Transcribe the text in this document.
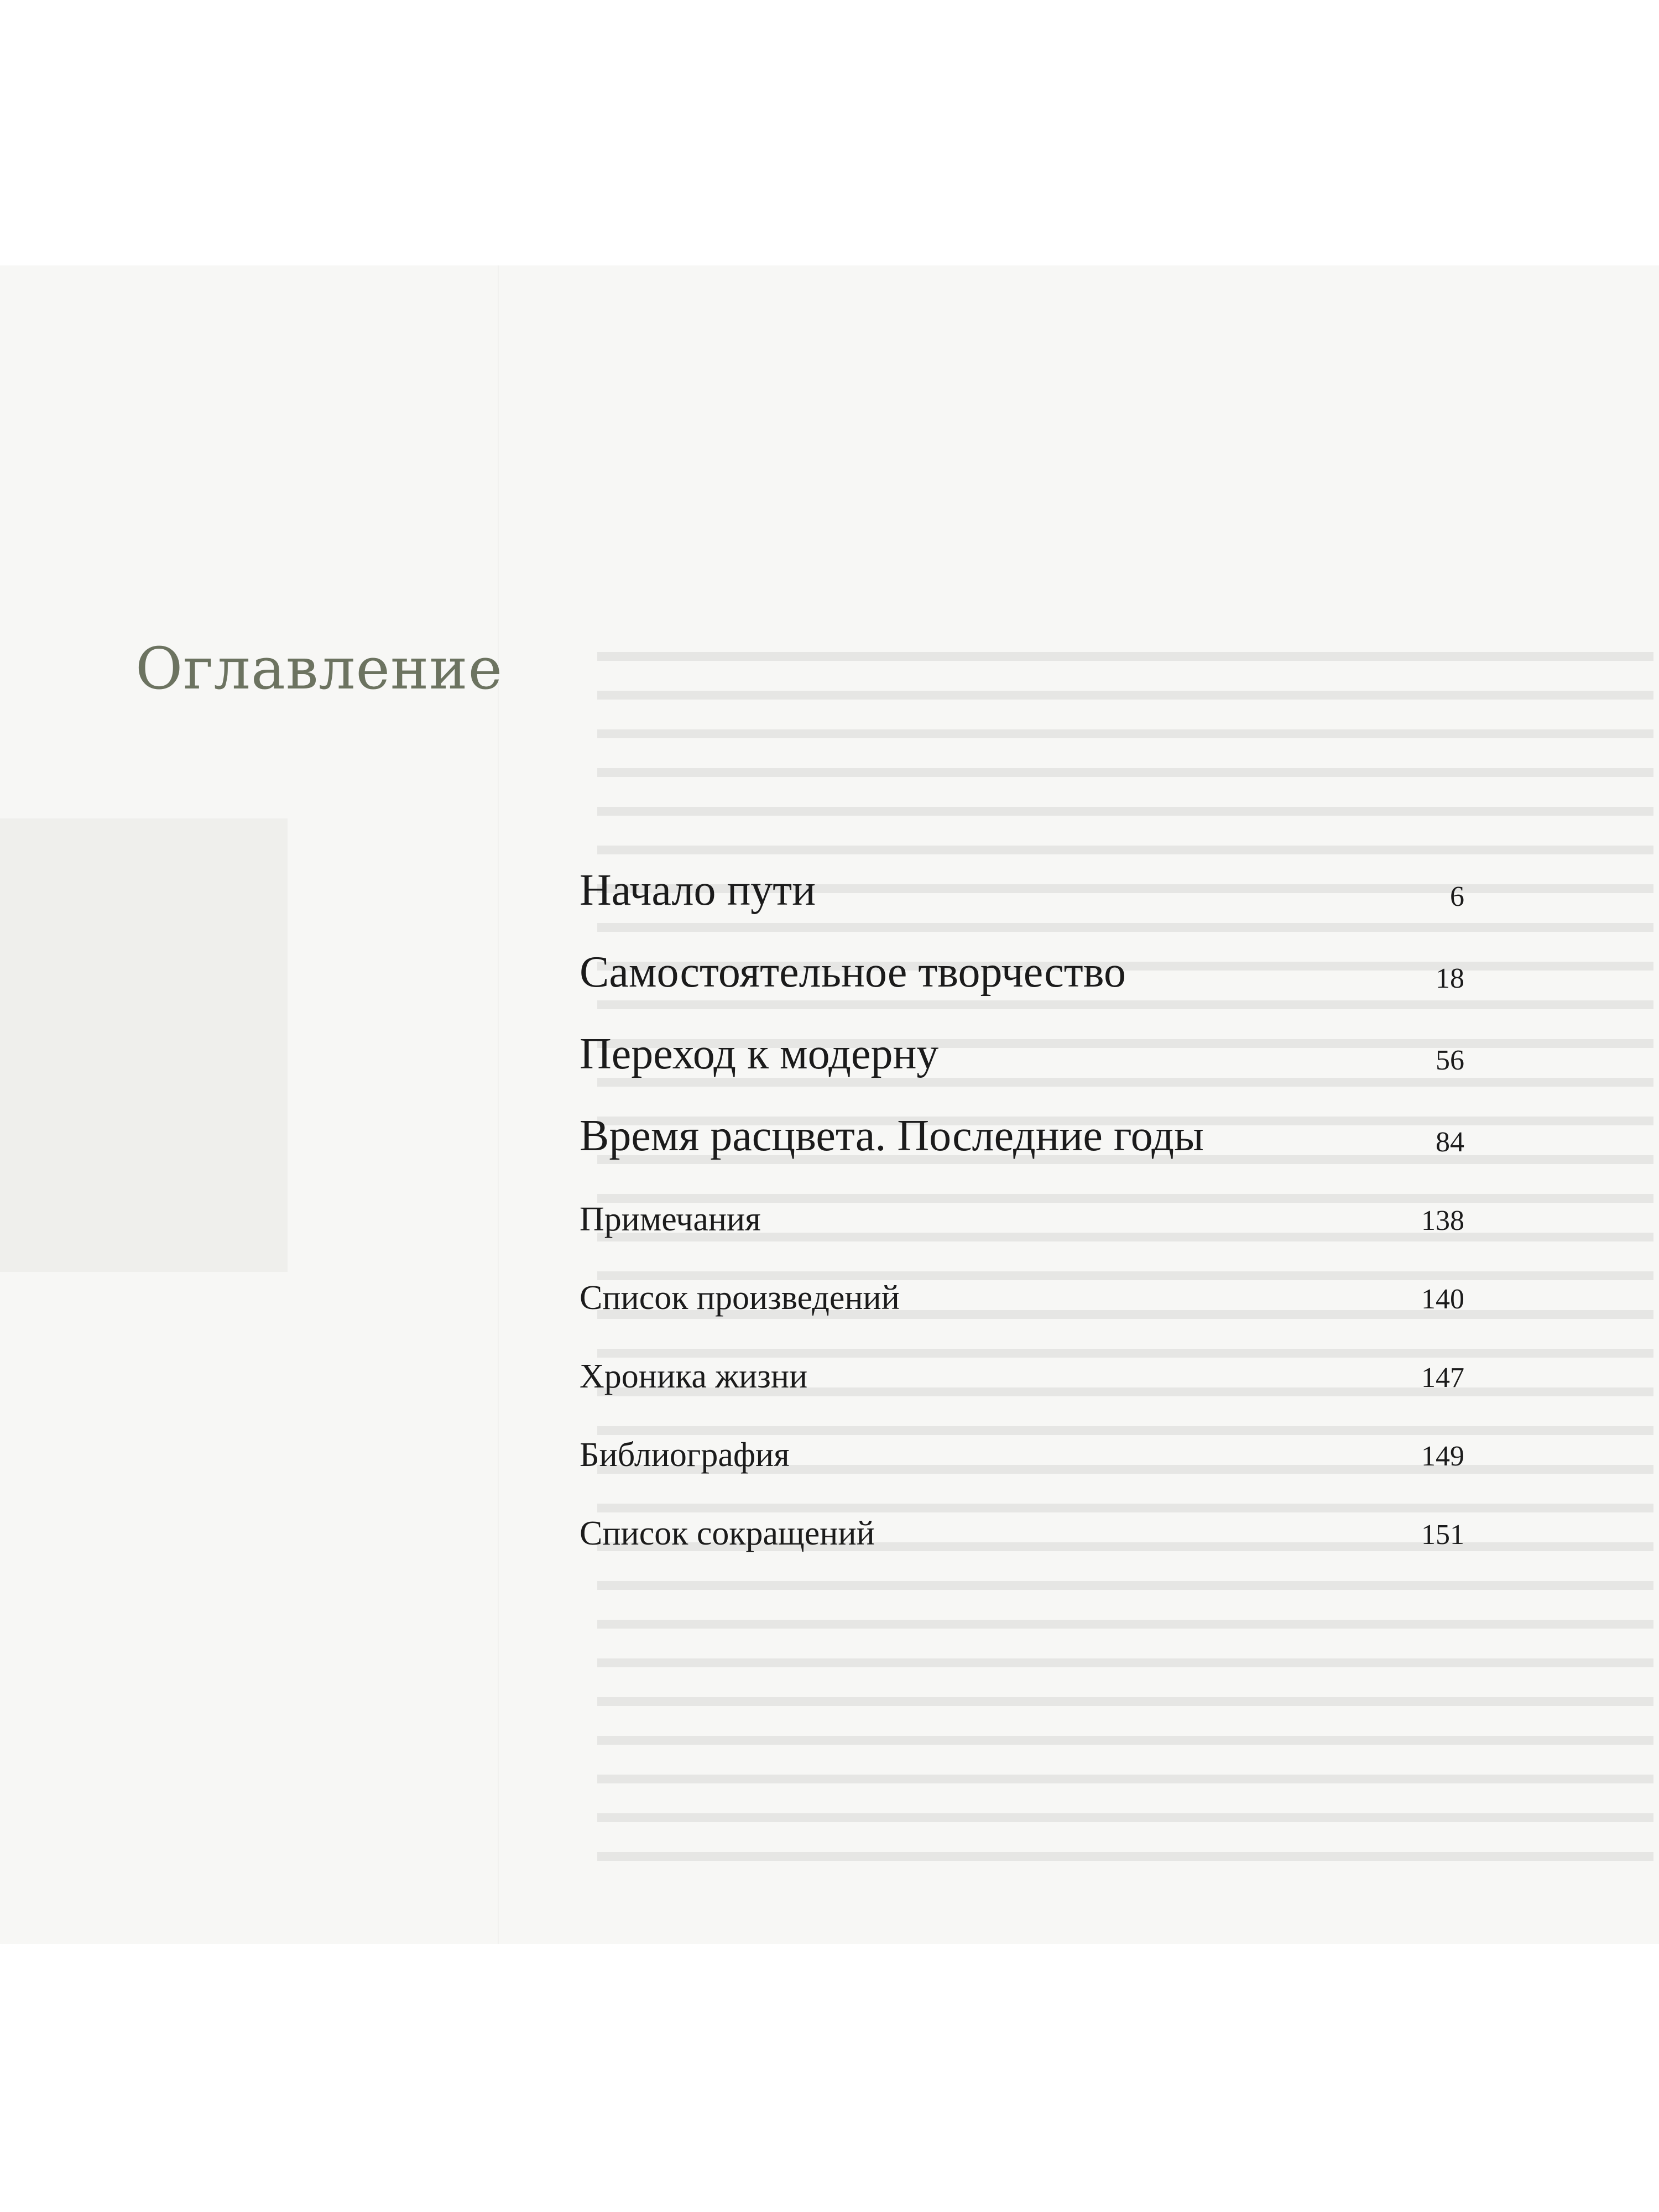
Оглавление
Начало пути	6
Самостоятельное творчество	18
Переход к модерну	56
Время расцвета. Последние годы	84
Примечания	138
Список произведений	140
Хроника жизни	147
Библиография	149
Список сокращений	151
